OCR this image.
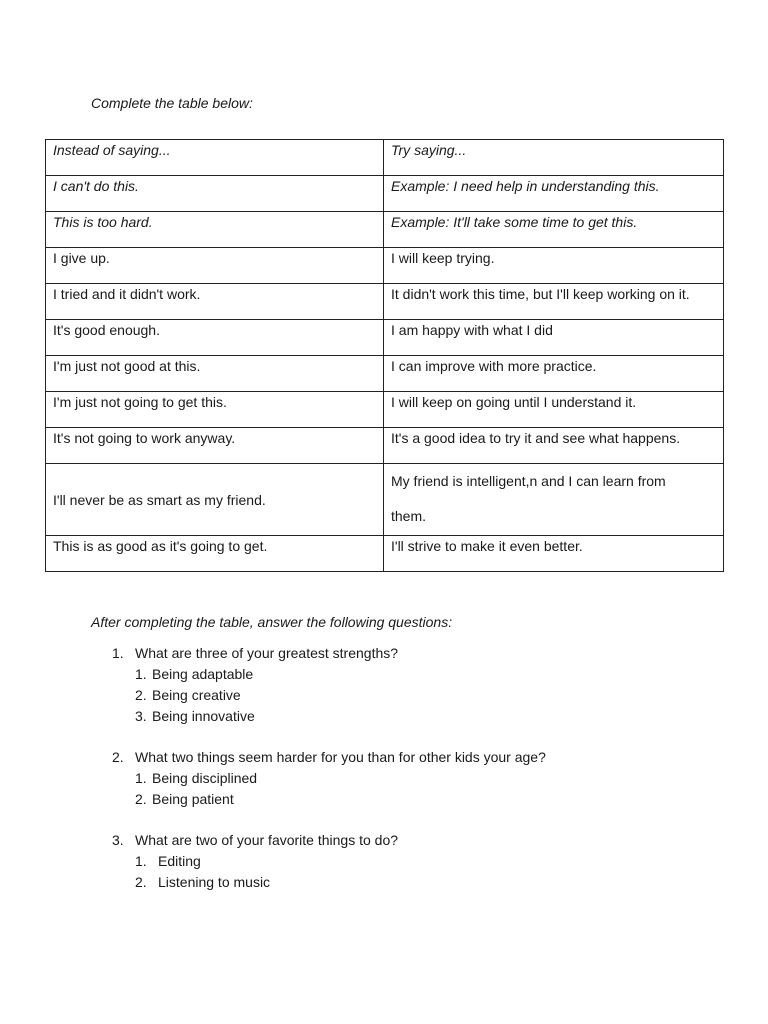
Complete the table below:

Instead of saying...	Try saying...
I can't do this.	Example: I need help in understanding this.
This is too hard.	Example: It'll take some time to get this.
I give up.	I will keep trying.
I tried and it didn't work.	It didn't work this time, but I'll keep working on it.
It's good enough.	I am happy with what I did
I'm just not good at this.	I can improve with more practice.
I'm just not going to get this.	I will keep on going until I understand it.
It's not going to work anyway.	It's a good idea to try it and see what happens.
I'll never be as smart as my friend.	My friend is intelligent,n and I can learn from
them.
This is as good as it's going to get.	I'll strive to make it even better.

After completing the table, answer the following questions:

1. What are three of your greatest strengths?
1. Being adaptable
2. Being creative
3. Being innovative
2. What two things seem harder for you than for other kids your age?
1. Being disciplined
2. Being patient
3. What are two of your favorite things to do?
1. Editing
2. Listening to music
